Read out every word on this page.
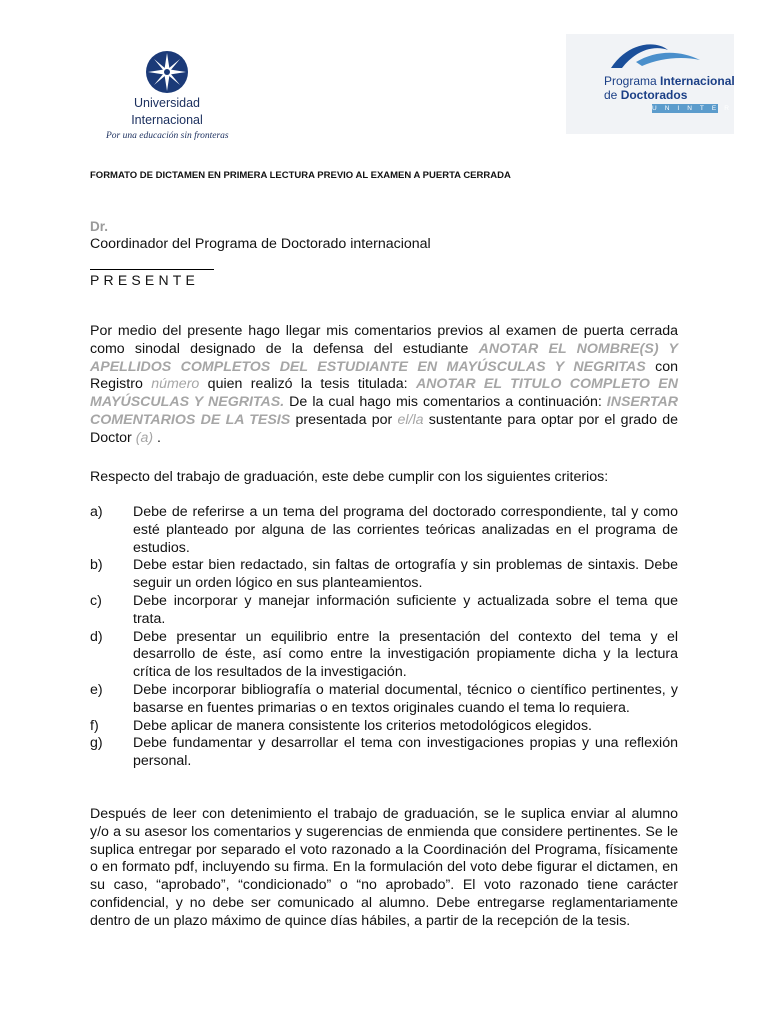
Universidad
Internacional
Por una educación sin fronteras
Programa Internacional
de Doctorados
UNINTER
FORMATO DE DICTAMEN EN PRIMERA LECTURA PREVIO AL EXAMEN A PUERTA CERRADA
Dr.
Coordinador del Programa de Doctorado internacional
PRESENTE
Por medio del presente hago llegar mis comentarios previos al examen de puerta cerrada como sinodal designado de la defensa del estudiante ANOTAR EL NOMBRE(S) Y APELLIDOS COMPLETOS DEL ESTUDIANTE EN MAYÚSCULAS Y NEGRITAS con Registro número quien realizó la tesis titulada: ANOTAR EL TITULO COMPLETO EN MAYÚSCULAS Y NEGRITAS. De la cual hago mis comentarios a continuación: INSERTAR COMENTARIOS DE LA TESIS presentada por el/la sustentante para optar por el grado de Doctor (a) .
Respecto del trabajo de graduación, este debe cumplir con los siguientes criterios:
a) Debe de referirse a un tema del programa del doctorado correspondiente, tal y como esté planteado por alguna de las corrientes teóricas analizadas en el programa de estudios.
b) Debe estar bien redactado, sin faltas de ortografía y sin problemas de sintaxis. Debe seguir un orden lógico en sus planteamientos.
c) Debe incorporar y manejar información suficiente y actualizada sobre el tema que trata.
d) Debe presentar un equilibrio entre la presentación del contexto del tema y el desarrollo de éste, así como entre la investigación propiamente dicha y la lectura crítica de los resultados de la investigación.
e) Debe incorporar bibliografía o material documental, técnico o científico pertinentes, y basarse en fuentes primarias o en textos originales cuando el tema lo requiera.
f) Debe aplicar de manera consistente los criterios metodológicos elegidos.
g) Debe fundamentar y desarrollar el tema con investigaciones propias y una reflexión personal.
Después de leer con detenimiento el trabajo de graduación, se le suplica enviar al alumno y/o a su asesor los comentarios y sugerencias de enmienda que considere pertinentes. Se le suplica entregar por separado el voto razonado a la Coordinación del Programa, físicamente o en formato pdf, incluyendo su firma. En la formulación del voto debe figurar el dictamen, en su caso, “aprobado”, “condicionado” o “no aprobado”. El voto razonado tiene carácter confidencial, y no debe ser comunicado al alumno. Debe entregarse reglamentariamente dentro de un plazo máximo de quince días hábiles, a partir de la recepción de la tesis.
